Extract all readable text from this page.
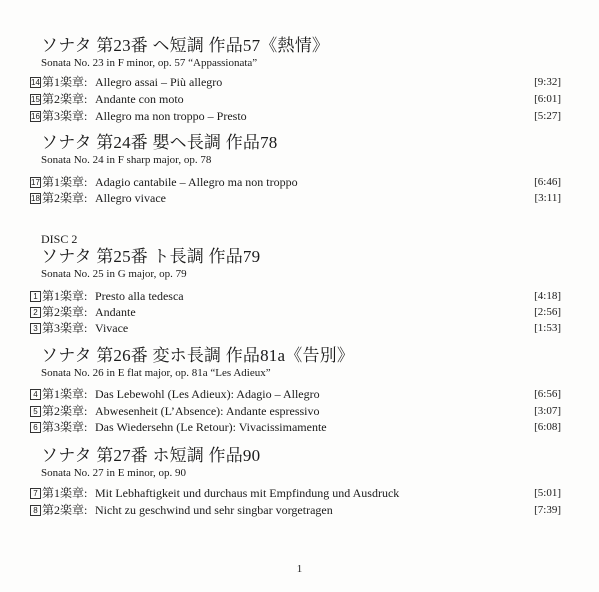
ソナタ 第23番 ヘ短調 作品57《熱情》
Sonata No. 23 in F minor, op. 57 “Appassionata”
14 第1楽章: Allegro assai – Più allegro	[9:32]
15 第2楽章: Andante con moto	[6:01]
16 第3楽章: Allegro ma non troppo – Presto	[5:27]
ソナタ 第24番 嬰ヘ長調 作品78
Sonata No. 24 in F sharp major, op. 78
17 第1楽章: Adagio cantabile – Allegro ma non troppo	[6:46]
18 第2楽章: Allegro vivace	[3:11]
DISC 2
ソナタ 第25番 ト長調 作品79
Sonata No. 25 in G major, op. 79
1 第1楽章: Presto alla tedesca	[4:18]
2 第2楽章: Andante	[2:56]
3 第3楽章: Vivace	[1:53]
ソナタ 第26番 変ホ長調 作品81a《告別》
Sonata No. 26 in E flat major, op. 81a “Les Adieux”
4 第1楽章: Das Lebewohl (Les Adieux): Adagio – Allegro	[6:56]
5 第2楽章: Abwesenheit (L’Absence): Andante espressivo	[3:07]
6 第3楽章: Das Wiedersehn (Le Retour): Vivacissimamente	[6:08]
ソナタ 第27番 ホ短調 作品90
Sonata No. 27 in E minor, op. 90
7 第1楽章: Mit Lebhaftigkeit und durchaus mit Empfindung und Ausdruck	[5:01]
8 第2楽章: Nicht zu geschwind und sehr singbar vorgetragen	[7:39]
1
